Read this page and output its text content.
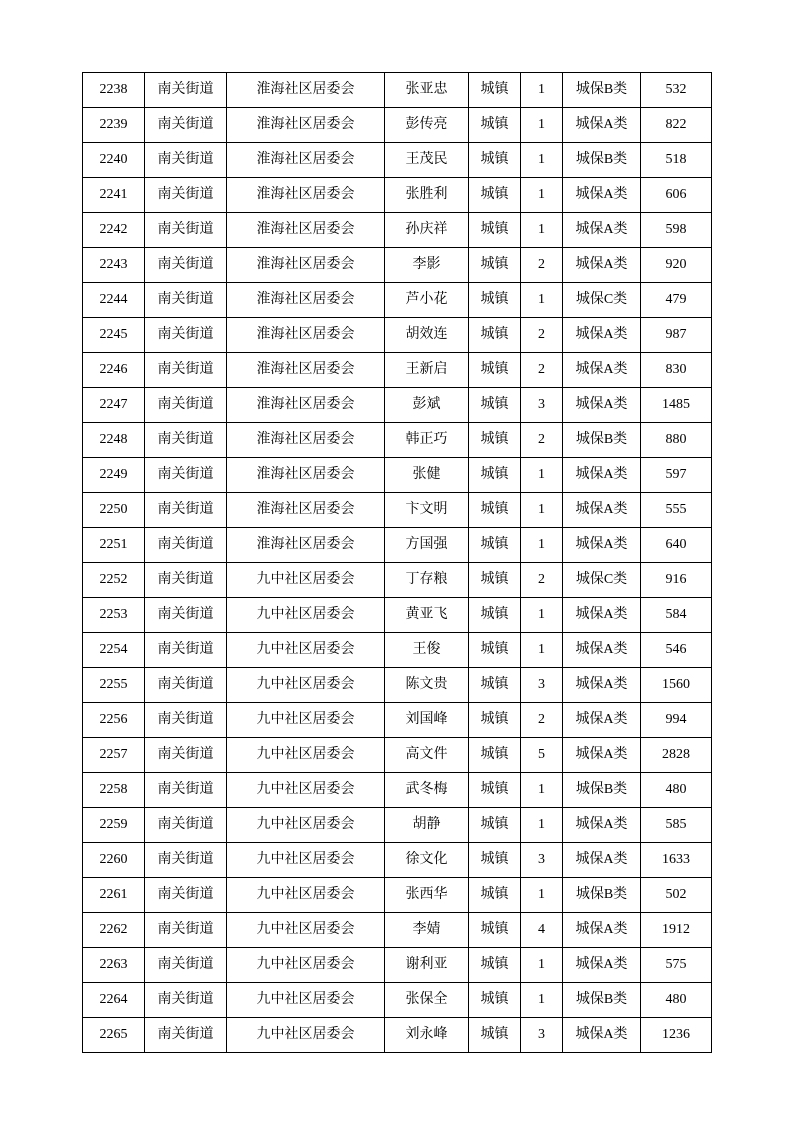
2238	南关街道	淮海社区居委会	张亚忠	城镇	1	城保B类	532
2239	南关街道	淮海社区居委会	彭传亮	城镇	1	城保A类	822
2240	南关街道	淮海社区居委会	王茂民	城镇	1	城保B类	518
2241	南关街道	淮海社区居委会	张胜利	城镇	1	城保A类	606
2242	南关街道	淮海社区居委会	孙庆祥	城镇	1	城保A类	598
2243	南关街道	淮海社区居委会	李影	城镇	2	城保A类	920
2244	南关街道	淮海社区居委会	芦小花	城镇	1	城保C类	479
2245	南关街道	淮海社区居委会	胡效连	城镇	2	城保A类	987
2246	南关街道	淮海社区居委会	王新启	城镇	2	城保A类	830
2247	南关街道	淮海社区居委会	彭斌	城镇	3	城保A类	1485
2248	南关街道	淮海社区居委会	韩正巧	城镇	2	城保B类	880
2249	南关街道	淮海社区居委会	张健	城镇	1	城保A类	597
2250	南关街道	淮海社区居委会	卞文明	城镇	1	城保A类	555
2251	南关街道	淮海社区居委会	方国强	城镇	1	城保A类	640
2252	南关街道	九中社区居委会	丁存粮	城镇	2	城保C类	916
2253	南关街道	九中社区居委会	黄亚飞	城镇	1	城保A类	584
2254	南关街道	九中社区居委会	王俊	城镇	1	城保A类	546
2255	南关街道	九中社区居委会	陈文贵	城镇	3	城保A类	1560
2256	南关街道	九中社区居委会	刘国峰	城镇	2	城保A类	994
2257	南关街道	九中社区居委会	高文件	城镇	5	城保A类	2828
2258	南关街道	九中社区居委会	武冬梅	城镇	1	城保B类	480
2259	南关街道	九中社区居委会	胡静	城镇	1	城保A类	585
2260	南关街道	九中社区居委会	徐文化	城镇	3	城保A类	1633
2261	南关街道	九中社区居委会	张西华	城镇	1	城保B类	502
2262	南关街道	九中社区居委会	李婧	城镇	4	城保A类	1912
2263	南关街道	九中社区居委会	谢利亚	城镇	1	城保A类	575
2264	南关街道	九中社区居委会	张保全	城镇	1	城保B类	480
2265	南关街道	九中社区居委会	刘永峰	城镇	3	城保A类	1236
